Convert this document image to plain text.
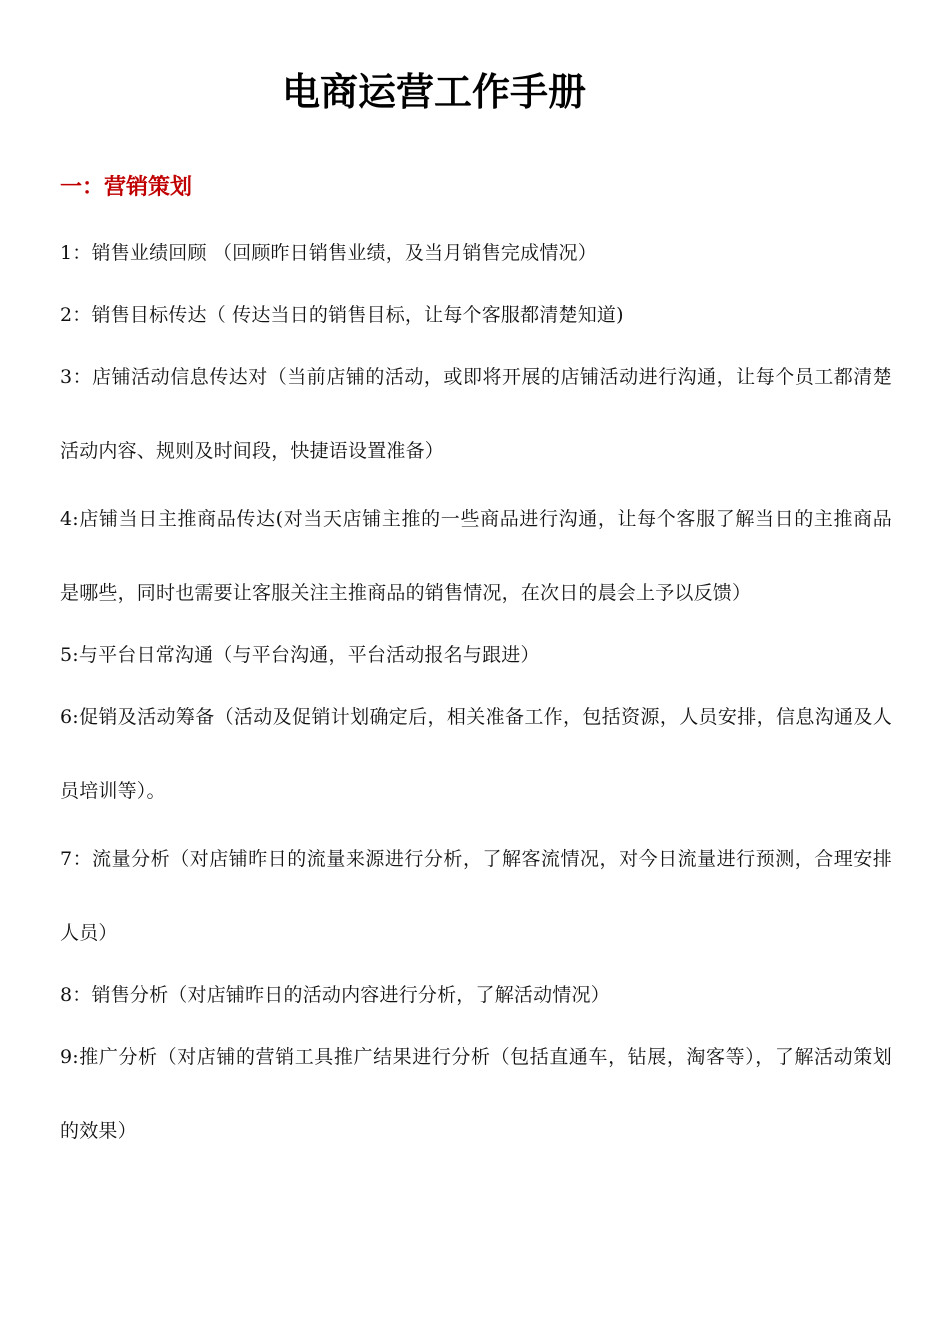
电商运营工作手册
一：营销策划

1：销售业绩回顾 （回顾昨日销售业绩，及当月销售完成情况）

2：销售目标传达（ 传达当日的销售目标，让每个客服都清楚知道)

3：店铺活动信息传达对（当前店铺的活动，或即将开展的店铺活动进行沟通，让每个员工都清楚活动内容、规则及时间段，快捷语设置准备）

4:店铺当日主推商品传达(对当天店铺主推的一些商品进行沟通，让每个客服了解当日的主推商品是哪些，同时也需要让客服关注主推商品的销售情况，在次日的晨会上予以反馈）

5:与平台日常沟通（与平台沟通，平台活动报名与跟进）

6:促销及活动筹备（活动及促销计划确定后，相关准备工作，包括资源，人员安排，信息沟通及人员培训等）。

7：流量分析（对店铺昨日的流量来源进行分析，了解客流情况，对今日流量进行预测，合理安排人员）

8：销售分析（对店铺昨日的活动内容进行分析，了解活动情况）

9:推广分析（对店铺的营销工具推广结果进行分析（包括直通车，钻展，淘客等），了解活动策划的效果）
